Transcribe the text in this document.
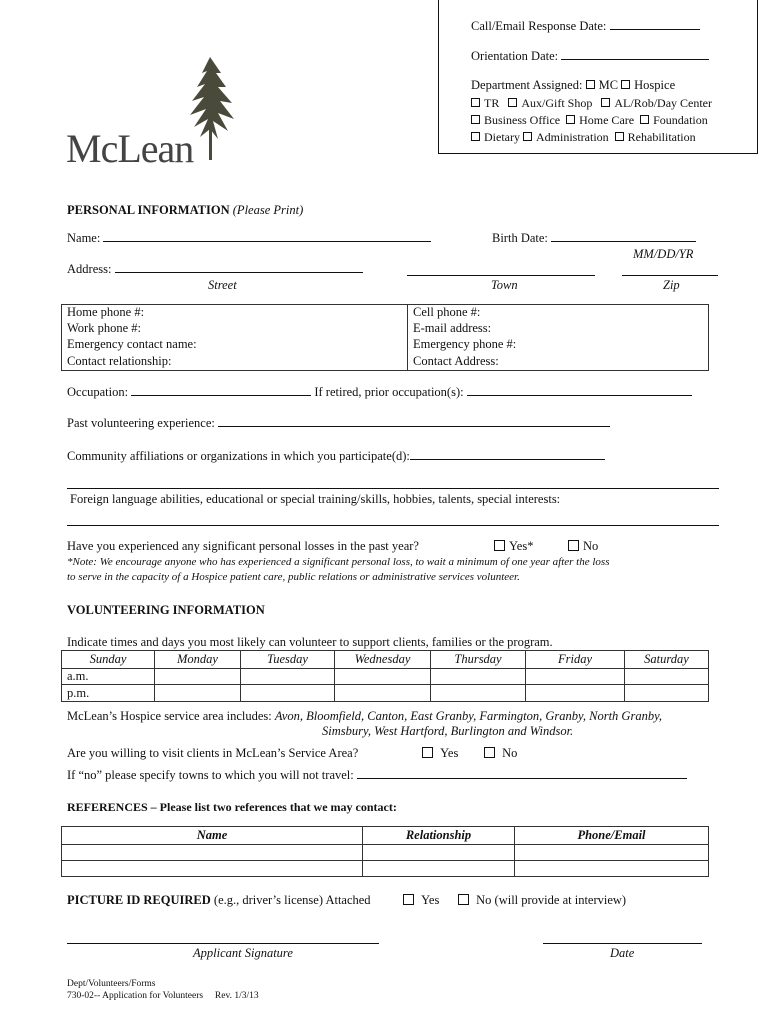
Call/Email Response Date:
Orientation Date:
Department Assigned: MC Hospice
TR Aux/Gift Shop AL/Rob/Day Center
Business Office Home Care Foundation
Dietary Administration Rehabilitation
McLean
PERSONAL INFORMATION (Please Print)
Name:	Birth Date:
MM/DD/YR
Address:
Street	Town	Zip
Home phone #:	Cell phone #:
Work phone #:	E-mail address:
Emergency contact name:	Emergency phone #:
Contact relationship:	Contact Address:
Occupation:	If retired, prior occupation(s):
Past volunteering experience:
Community affiliations or organizations in which you participate(d):
Foreign language abilities, educational or special training/skills, hobbies, talents, special interests:
Have you experienced any significant personal losses in the past year?	Yes*	No
*Note: We encourage anyone who has experienced a significant personal loss, to wait a minimum of one year after the loss
to serve in the capacity of a Hospice patient care, public relations or administrative services volunteer.
VOLUNTEERING INFORMATION
Indicate times and days you most likely can volunteer to support clients, families or the program.
Sunday	Monday	Tuesday	Wednesday	Thursday	Friday	Saturday
a.m.						
p.m.						
McLean’s Hospice service area includes: Avon, Bloomfield, Canton, East Granby, Farmington, Granby, North Granby,
Simsbury, West Hartford, Burlington and Windsor.
Are you willing to visit clients in McLean’s Service Area?	Yes	No
If “no” please specify towns to which you will not travel:
REFERENCES – Please list two references that we may contact:
Name	Relationship	Phone/Email

PICTURE ID REQUIRED (e.g., driver’s license) Attached	Yes	No (will provide at interview)
Applicant Signature	Date
Dept/Volunteers/Forms
730-02-- Application for Volunteers     Rev. 1/3/13
